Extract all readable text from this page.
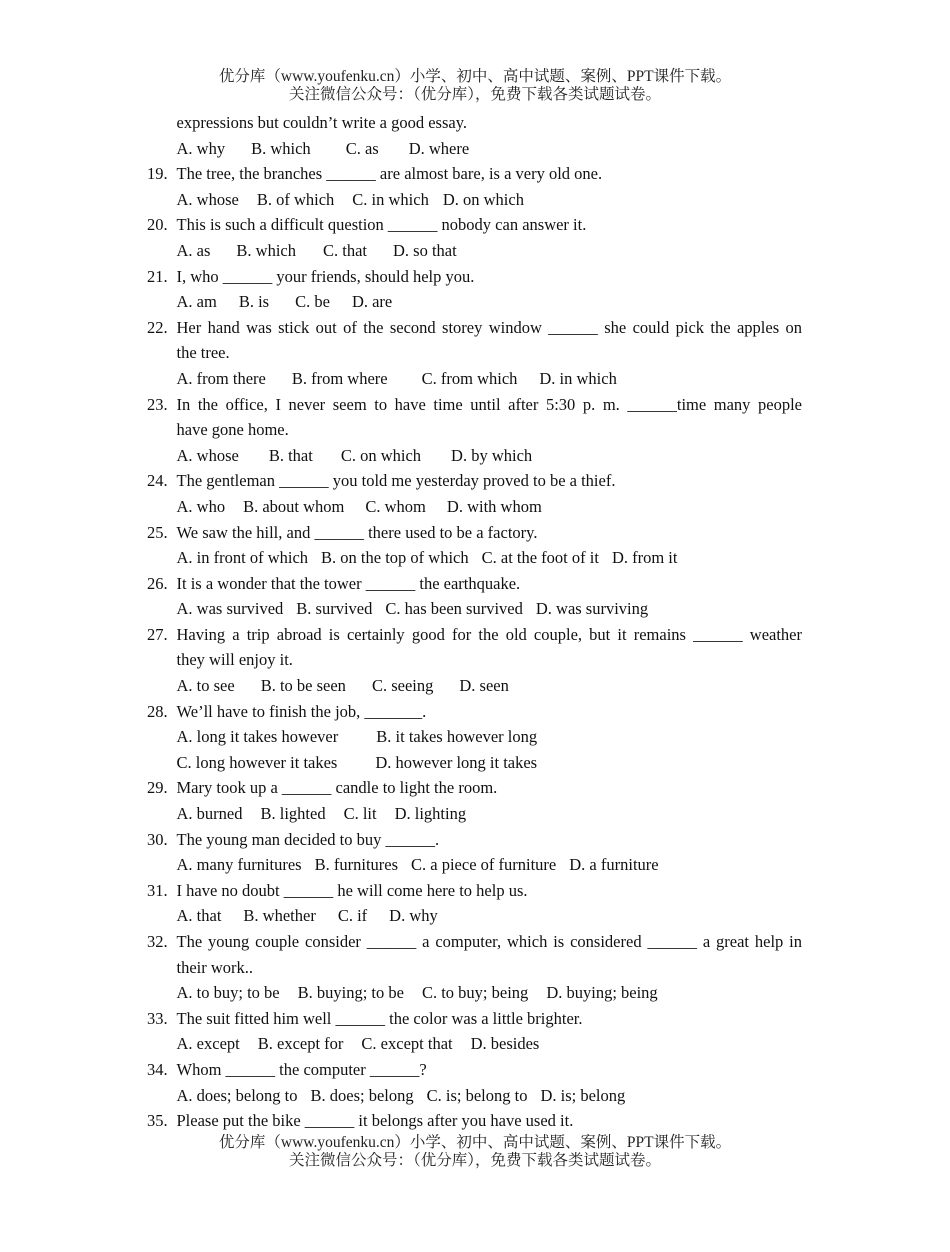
优分库（www.youfenku.cn）小学、初中、高中试题、案例、PPT课件下载。
关注微信公众号：（优分库），免费下载各类试题试卷。
expressions but couldn’t write a good essay.
A. why B. which C. as D. where
19. The tree, the branches ______ are almost bare, is a very old one.
A. whose B. of which C. in which D. on which
20. This is such a difficult question ______ nobody can answer it.
A. as B. which C. that D. so that
21. I, who ______ your friends, should help you.
A. am B. is C. be D. are
22. Her hand was stick out of the second storey window ______ she could pick the apples on
the tree.
A. from there B. from where C. from which D. in which
23. In the office, I never seem to have time until after 5:30 p. m. ______time many people
have gone home.
A. whose B. that C. on which D. by which
24. The gentleman ______ you told me yesterday proved to be a thief.
A. who B. about whom C. whom D. with whom
25. We saw the hill, and ______ there used to be a factory.
A. in front of which B. on the top of which C. at the foot of it D. from it
26. It is a wonder that the tower ______ the earthquake.
A. was survived B. survived C. has been survived D. was surviving
27. Having a trip abroad is certainly good for the old couple, but it remains ______ weather
they will enjoy it.
A. to see B. to be seen C. seeing D. seen
28. We’ll have to finish the job, _______.
A. long it takes however B. it takes however long
C. long however it takes D. however long it takes
29. Mary took up a ______ candle to light the room.
A. burned B. lighted C. lit D. lighting
30. The young man decided to buy ______.
A. many furnitures B. furnitures C. a piece of furniture D. a furniture
31. I have no doubt ______ he will come here to help us.
A. that B. whether C. if D. why
32. The young couple consider ______ a computer, which is considered ______ a great help in
their work..
A. to buy; to be B. buying; to be C. to buy; being D. buying; being
33. The suit fitted him well ______ the color was a little brighter.
A. except B. except for C. except that D. besides
34. Whom ______ the computer ______?
A. does; belong to B. does; belong C. is; belong to D. is; belong
35. Please put the bike ______ it belongs after you have used it.
优分库（www.youfenku.cn）小学、初中、高中试题、案例、PPT课件下载。
关注微信公众号：（优分库），免费下载各类试题试卷。
